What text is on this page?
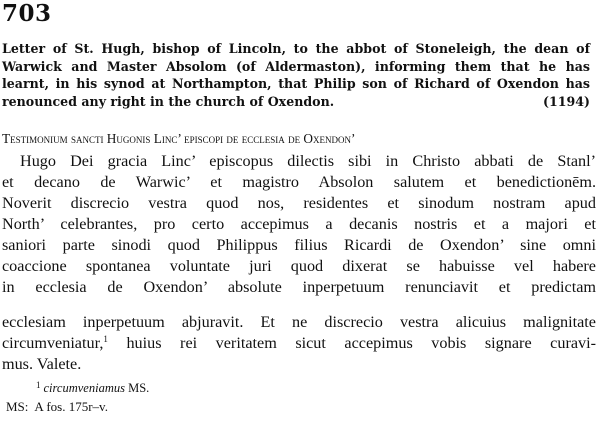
703
Letter of St. Hugh, bishop of Lincoln, to the abbot of Stoneleigh, the dean of Warwick and Master Absolom (of Aldermaston), informing them that he has learnt, in his synod at Northampton, that Philip son of Richard of Oxendon has renounced any right in the church of Oxendon.	(1194)
Testimonium sancti Hugonis Linc’ episcopi de ecclesia de Oxendon’
Hugo Dei gracia Linc’ episcopus dilectis sibi in Christo abbati de Stanl’
et decano de Warwic’ et magistro Absolon salutem et benedictionēm.
Noverit discrecio vestra quod nos, residentes et sinodum nostram apud
North’ celebrantes, pro certo accepimus a decanis nostris et a majori et
saniori parte sinodi quod Philippus filius Ricardi de Oxendon’ sine omni
coaccione spontanea voluntate juri quod dixerat se habuisse vel habere
in ecclesia de Oxendon’ absolute inperpetuum renunciavit et predictam
ecclesiam inperpetuum abjuravit. Et ne discrecio vestra alicuius malignitate
circumveniatur,$^1$ huius rei veritatem sicut accepimus vobis signare curavi-
mus. Valete.
$^1$ circumveniamus MS.
MS: A fos. 175r–v.
